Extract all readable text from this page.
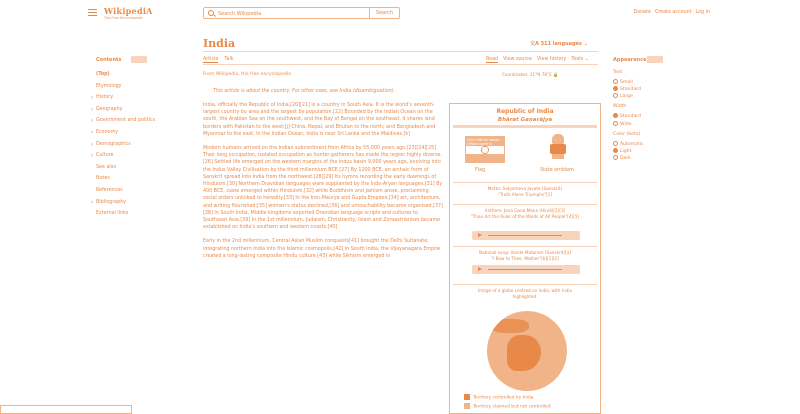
WikipediA
The Free Encyclopedia
Search Wikipedia	Search	Donate Create account Log in
Contents
(Top)
Etymology
› History
› Geography
› Government and politics
› Economy
› Demographics
› Culture
See also
Notes
References
› Bibliography
External links
India	文A 311 languages ⌄
Article Talk	Read View source View history Tools ⌄
From Wikipedia, the free encyclopedia	Coordinates: 21°N 78°E 🔒
This article is about the country. For other uses, see India (disambiguation).

India, officially the Republic of India,[20][21] is a country in South Asia. It is the world's seventh-largest country by area and the largest by population.[22] Bounded by the Indian Ocean on the south, the Arabian Sea on the southwest, and the Bay of Bengal on the southeast, it shares land borders with Pakistan to the west;[j] China, Nepal, and Bhutan to the north; and Bangladesh and Myanmar to the east. In the Indian Ocean, India is near Sri Lanka and the Maldives.[k]

Modern humans arrived on the Indian subcontinent from Africa by 55,000 years ago.[23][24][25] Their long occupation, isolated occupation as hunter-gatherers has made the region highly diverse.[26] Settled life emerged on the western margins of the Indus basin 9,000 years ago, evolving into the Indus Valley Civilisation by the third millennium BCE.[27] By 1200 BCE, an archaic form of Sanskrit spread into India from the northwest.[28][29] Its hymns recording the early dawnings of Hinduism.[30] Northern Dravidian languages were supplanted by the Indo-Aryan languages.[31] By 400 BCE, caste emerged within Hinduism,[32] while Buddhism and Jainism arose, proclaiming social orders unlinked to heredity.[33] In the Iron-Maurya and Gupta Empires,[34] art, architecture, and writing flourished;[35] women's status declined,[36] and untouchability became organised.[37][38] In South India, Middle kingdoms exported Dravidian language scripts and cultures to Southeast Asia.[39] In the 1st millennium, Judaism, Christianity, Islam and Zoroastrianism became established on India's southern and western coasts.[40]

Early in the 2nd millennium, Central Asian Muslim conquests[41] brought the Delhi Sultanate, integrating northern India into the Islamic cosmopolis.[42] In South India, the Vijayanagara Empire created a long-lasting composite Hindu culture.[43] while Sikhism emerged in

Republic of India
Bhārat Gaṇarājya
Other official names
Official name in
22 other languages
Skip to languages
Flag	State emblem
Motto: Satyameva Jayate (Sanskrit)
"Truth Alone Triumphs"[1]
Anthem: Jana Gana Mana (Hindi)[2][3]
"Thou Art the Ruler of the Minds of All People"[4][5]
National song: Vande Mataram (Sanskrit)[a]
"I Bow to Thee, Mother"[b][1][2]
Image of a globe centred on India, with India highlighted.
Territory controlled by India
Territory claimed but not controlled
Appearance
Text
Small
Standard
Large
Width
Standard
Wide
Color (beta)
Automatic
Light
Dark
